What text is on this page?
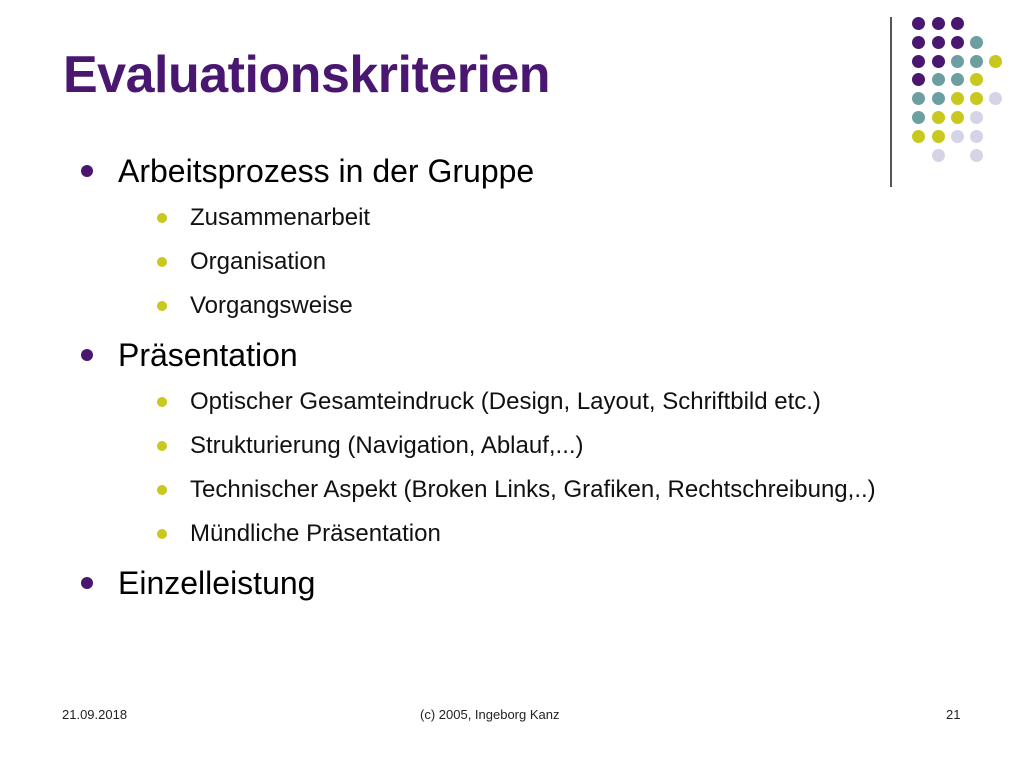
Evaluationskriterien
Arbeitsprozess in der Gruppe
Zusammenarbeit
Organisation
Vorgangsweise
Präsentation
Optischer Gesamteindruck (Design, Layout, Schriftbild etc.)
Strukturierung (Navigation, Ablauf,...)
Technischer Aspekt (Broken Links, Grafiken, Rechtschreibung,..)
Mündliche Präsentation
Einzelleistung
21.09.2018	(c) 2005, Ingeborg Kanz	21
